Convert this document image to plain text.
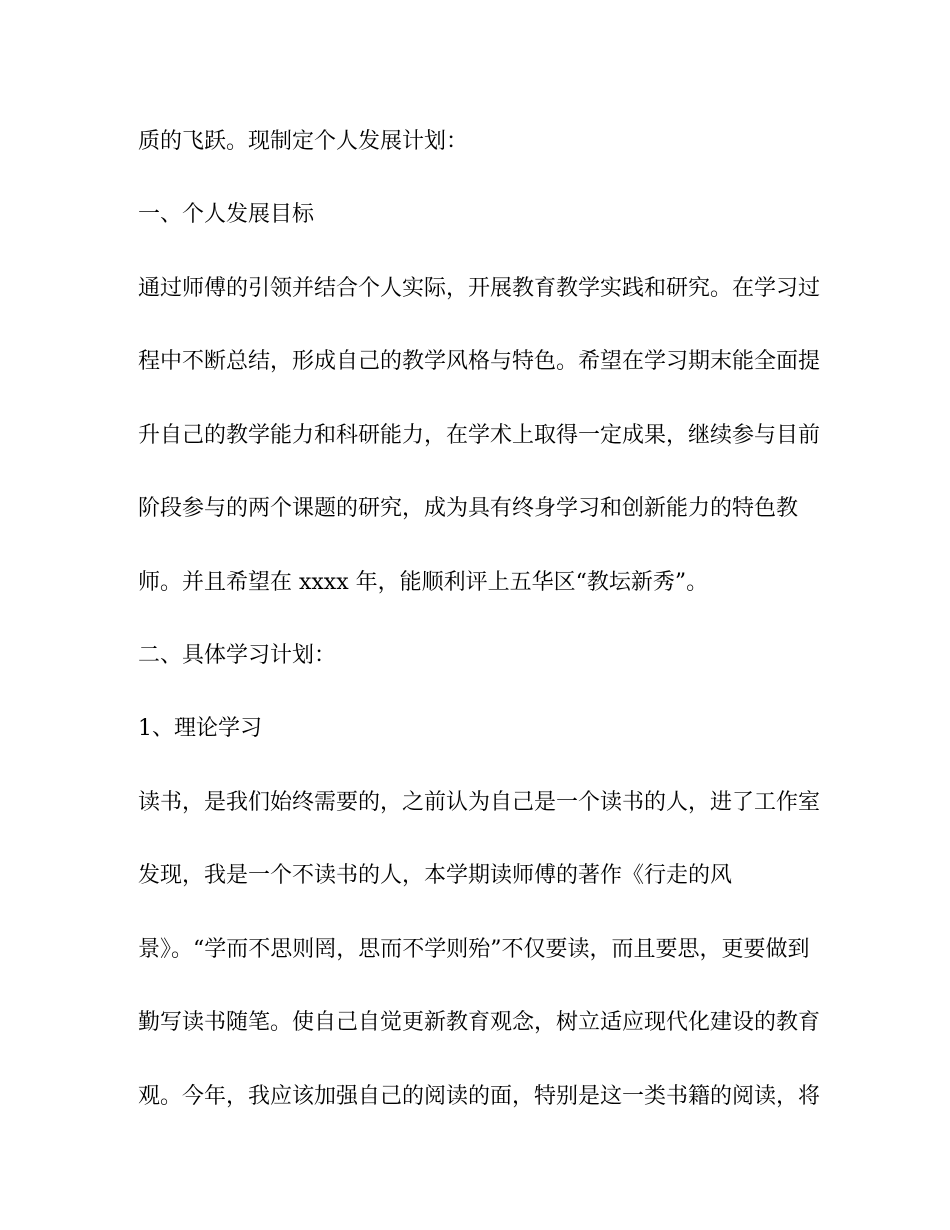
质的飞跃。现制定个人发展计划：

一、个人发展目标

通过师傅的引领并结合个人实际，开展教育教学实践和研究。在学习过

程中不断总结，形成自己的教学风格与特色。希望在学习期末能全面提

升自己的教学能力和科研能力，在学术上取得一定成果，继续参与目前

阶段参与的两个课题的研究，成为具有终身学习和创新能力的特色教

师。并且希望在 xxxx 年，能顺利评上五华区“教坛新秀”。

二、具体学习计划：

1、理论学习

读书，是我们始终需要的，之前认为自己是一个读书的人，进了工作室

发现，我是一个不读书的人，本学期读师傅的著作《行走的风

景》。“学而不思则罔，思而不学则殆”不仅要读，而且要思，更要做到

勤写读书随笔。使自己自觉更新教育观念，树立适应现代化建设的教育

观。今年，我应该加强自己的阅读的面，特别是这一类书籍的阅读，将
